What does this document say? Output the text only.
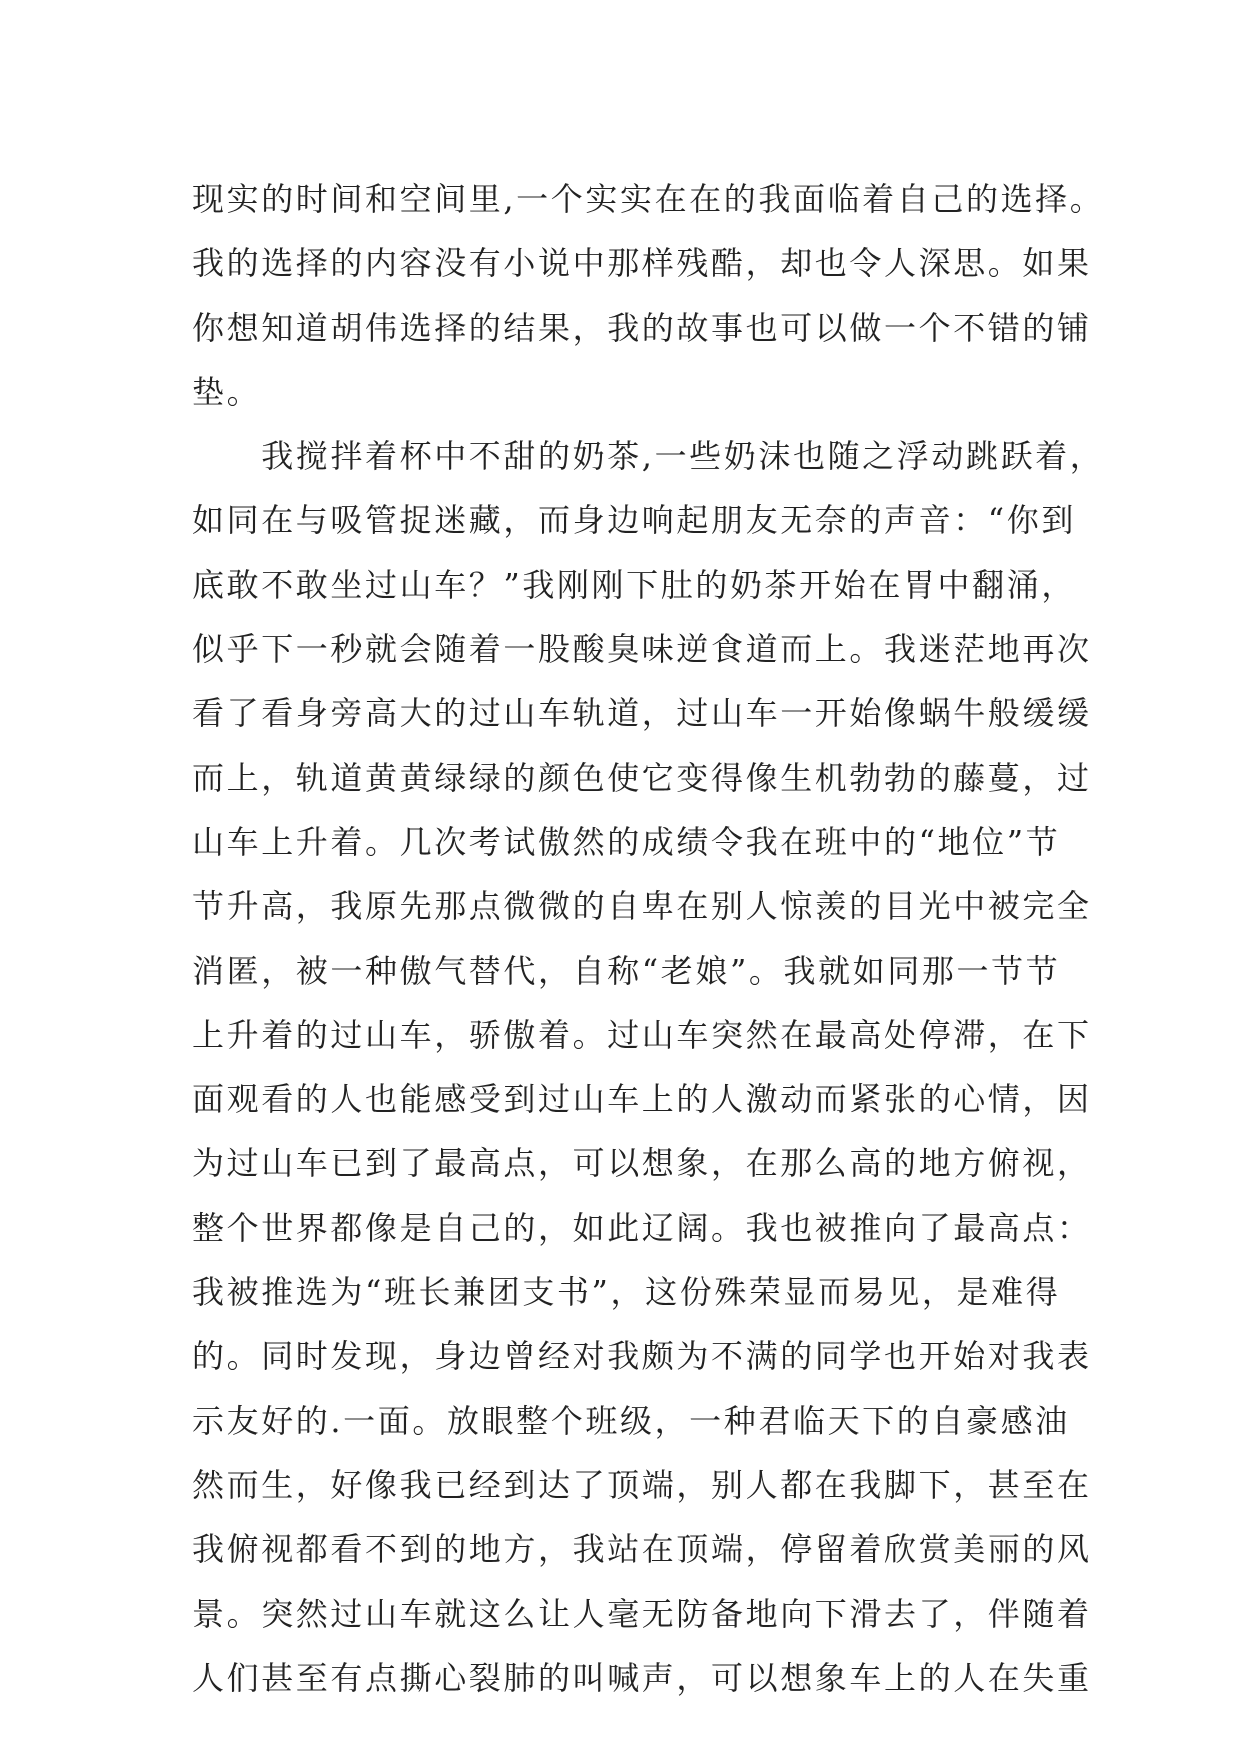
现实的时间和空间里,一个实实在在的我面临着自己的选择。
我的选择的内容没有小说中那样残酷，却也令人深思。如果
你想知道胡伟选择的结果，我的故事也可以做一个不错的铺
垫。
　　我搅拌着杯中不甜的奶茶,一些奶沫也随之浮动跳跃着，
如同在与吸管捉迷藏，而身边响起朋友无奈的声音：“你到
底敢不敢坐过山车？”我刚刚下肚的奶茶开始在胃中翻涌，
似乎下一秒就会随着一股酸臭味逆食道而上。我迷茫地再次
看了看身旁高大的过山车轨道，过山车一开始像蜗牛般缓缓
而上，轨道黄黄绿绿的颜色使它变得像生机勃勃的藤蔓，过
山车上升着。几次考试傲然的成绩令我在班中的“地位”节
节升高，我原先那点微微的自卑在别人惊羡的目光中被完全
消匿，被一种傲气替代，自称“老娘”。我就如同那一节节
上升着的过山车，骄傲着。过山车突然在最高处停滞，在下
面观看的人也能感受到过山车上的人激动而紧张的心情，因
为过山车已到了最高点，可以想象，在那么高的地方俯视，
整个世界都像是自己的，如此辽阔。我也被推向了最高点：
我被推选为“班长兼团支书”，这份殊荣显而易见，是难得
的。同时发现，身边曾经对我颇为不满的同学也开始对我表
示友好的.一面。放眼整个班级，一种君临天下的自豪感油
然而生，好像我已经到达了顶端，别人都在我脚下，甚至在
我俯视都看不到的地方，我站在顶端，停留着欣赏美丽的风
景。突然过山车就这么让人毫无防备地向下滑去了，伴随着
人们甚至有点撕心裂肺的叫喊声，可以想象车上的人在失重
